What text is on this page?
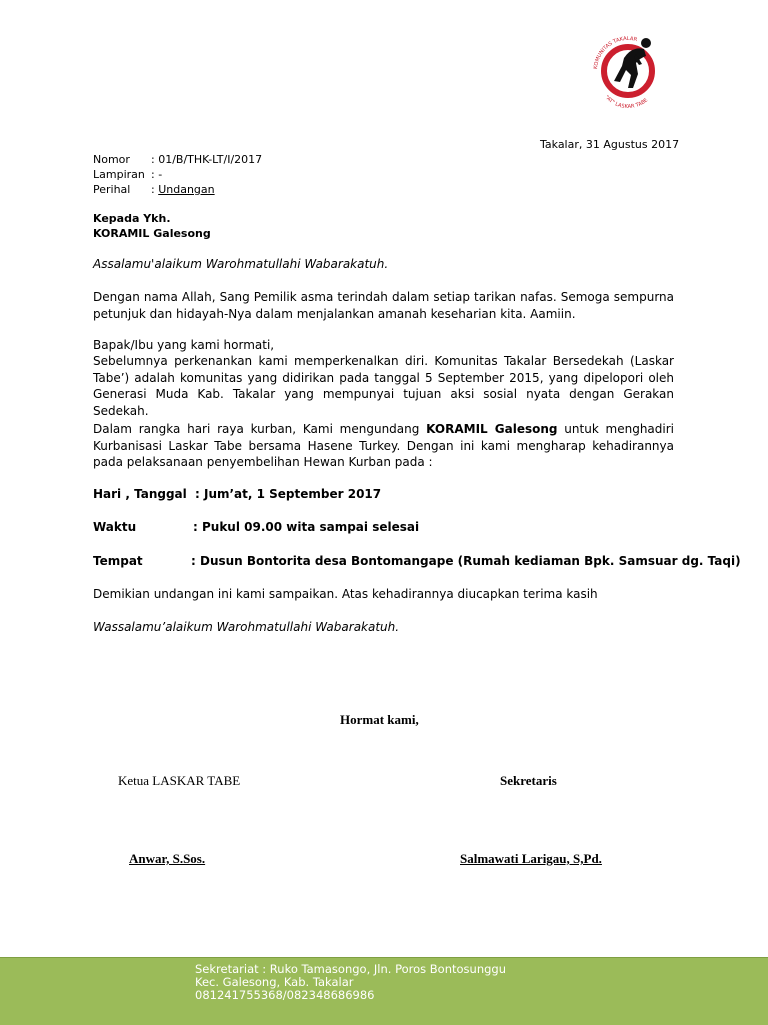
KOMUNITAS TAKALAR
"AT" LASKAR TABE
Takalar, 31 Agustus 2017
Nomor : 01/B/THK-LT/I/2017
Lampiran : -
Perihal : Undangan
Kepada Ykh.
KORAMIL Galesong
Assalamu'alaikum Warohmatullahi Wabarakatuh.
Dengan nama Allah, Sang Pemilik asma terindah dalam setiap tarikan nafas. Semoga sempurna petunjuk dan hidayah-Nya dalam menjalankan amanah keseharian kita. Aamiin.
Bapak/Ibu yang kami hormati,
Sebelumnya perkenankan kami memperkenalkan diri. Komunitas Takalar Bersedekah (Laskar Tabe’) adalah komunitas yang didirikan pada tanggal 5 September 2015, yang dipelopori oleh Generasi Muda Kab. Takalar yang mempunyai tujuan aksi sosial nyata dengan Gerakan Sedekah.
Dalam rangka hari raya kurban, Kami mengundang KORAMIL Galesong untuk menghadiri Kurbanisasi Laskar Tabe bersama Hasene Turkey. Dengan ini kami mengharap kehadirannya pada pelaksanaan penyembelihan Hewan Kurban pada :
Hari , Tanggal : Jum’at, 1 September 2017
Waktu	: Pukul 09.00 wita sampai selesai
Tempat	: Dusun Bontorita desa Bontomangape (Rumah kediaman Bpk. Samsuar dg. Taqi)
Demikian undangan ini kami sampaikan. Atas kehadirannya diucapkan terima kasih
Wassalamu’alaikum Warohmatullahi Wabarakatuh.
Hormat kami,
Ketua LASKAR TABE	Sekretaris
Anwar, S.Sos.	Salmawati Larigau, S,Pd.
Sekretariat : Ruko Tamasongo, Jln. Poros Bontosunggu
Kec. Galesong, Kab. Takalar
081241755368/082348686986
